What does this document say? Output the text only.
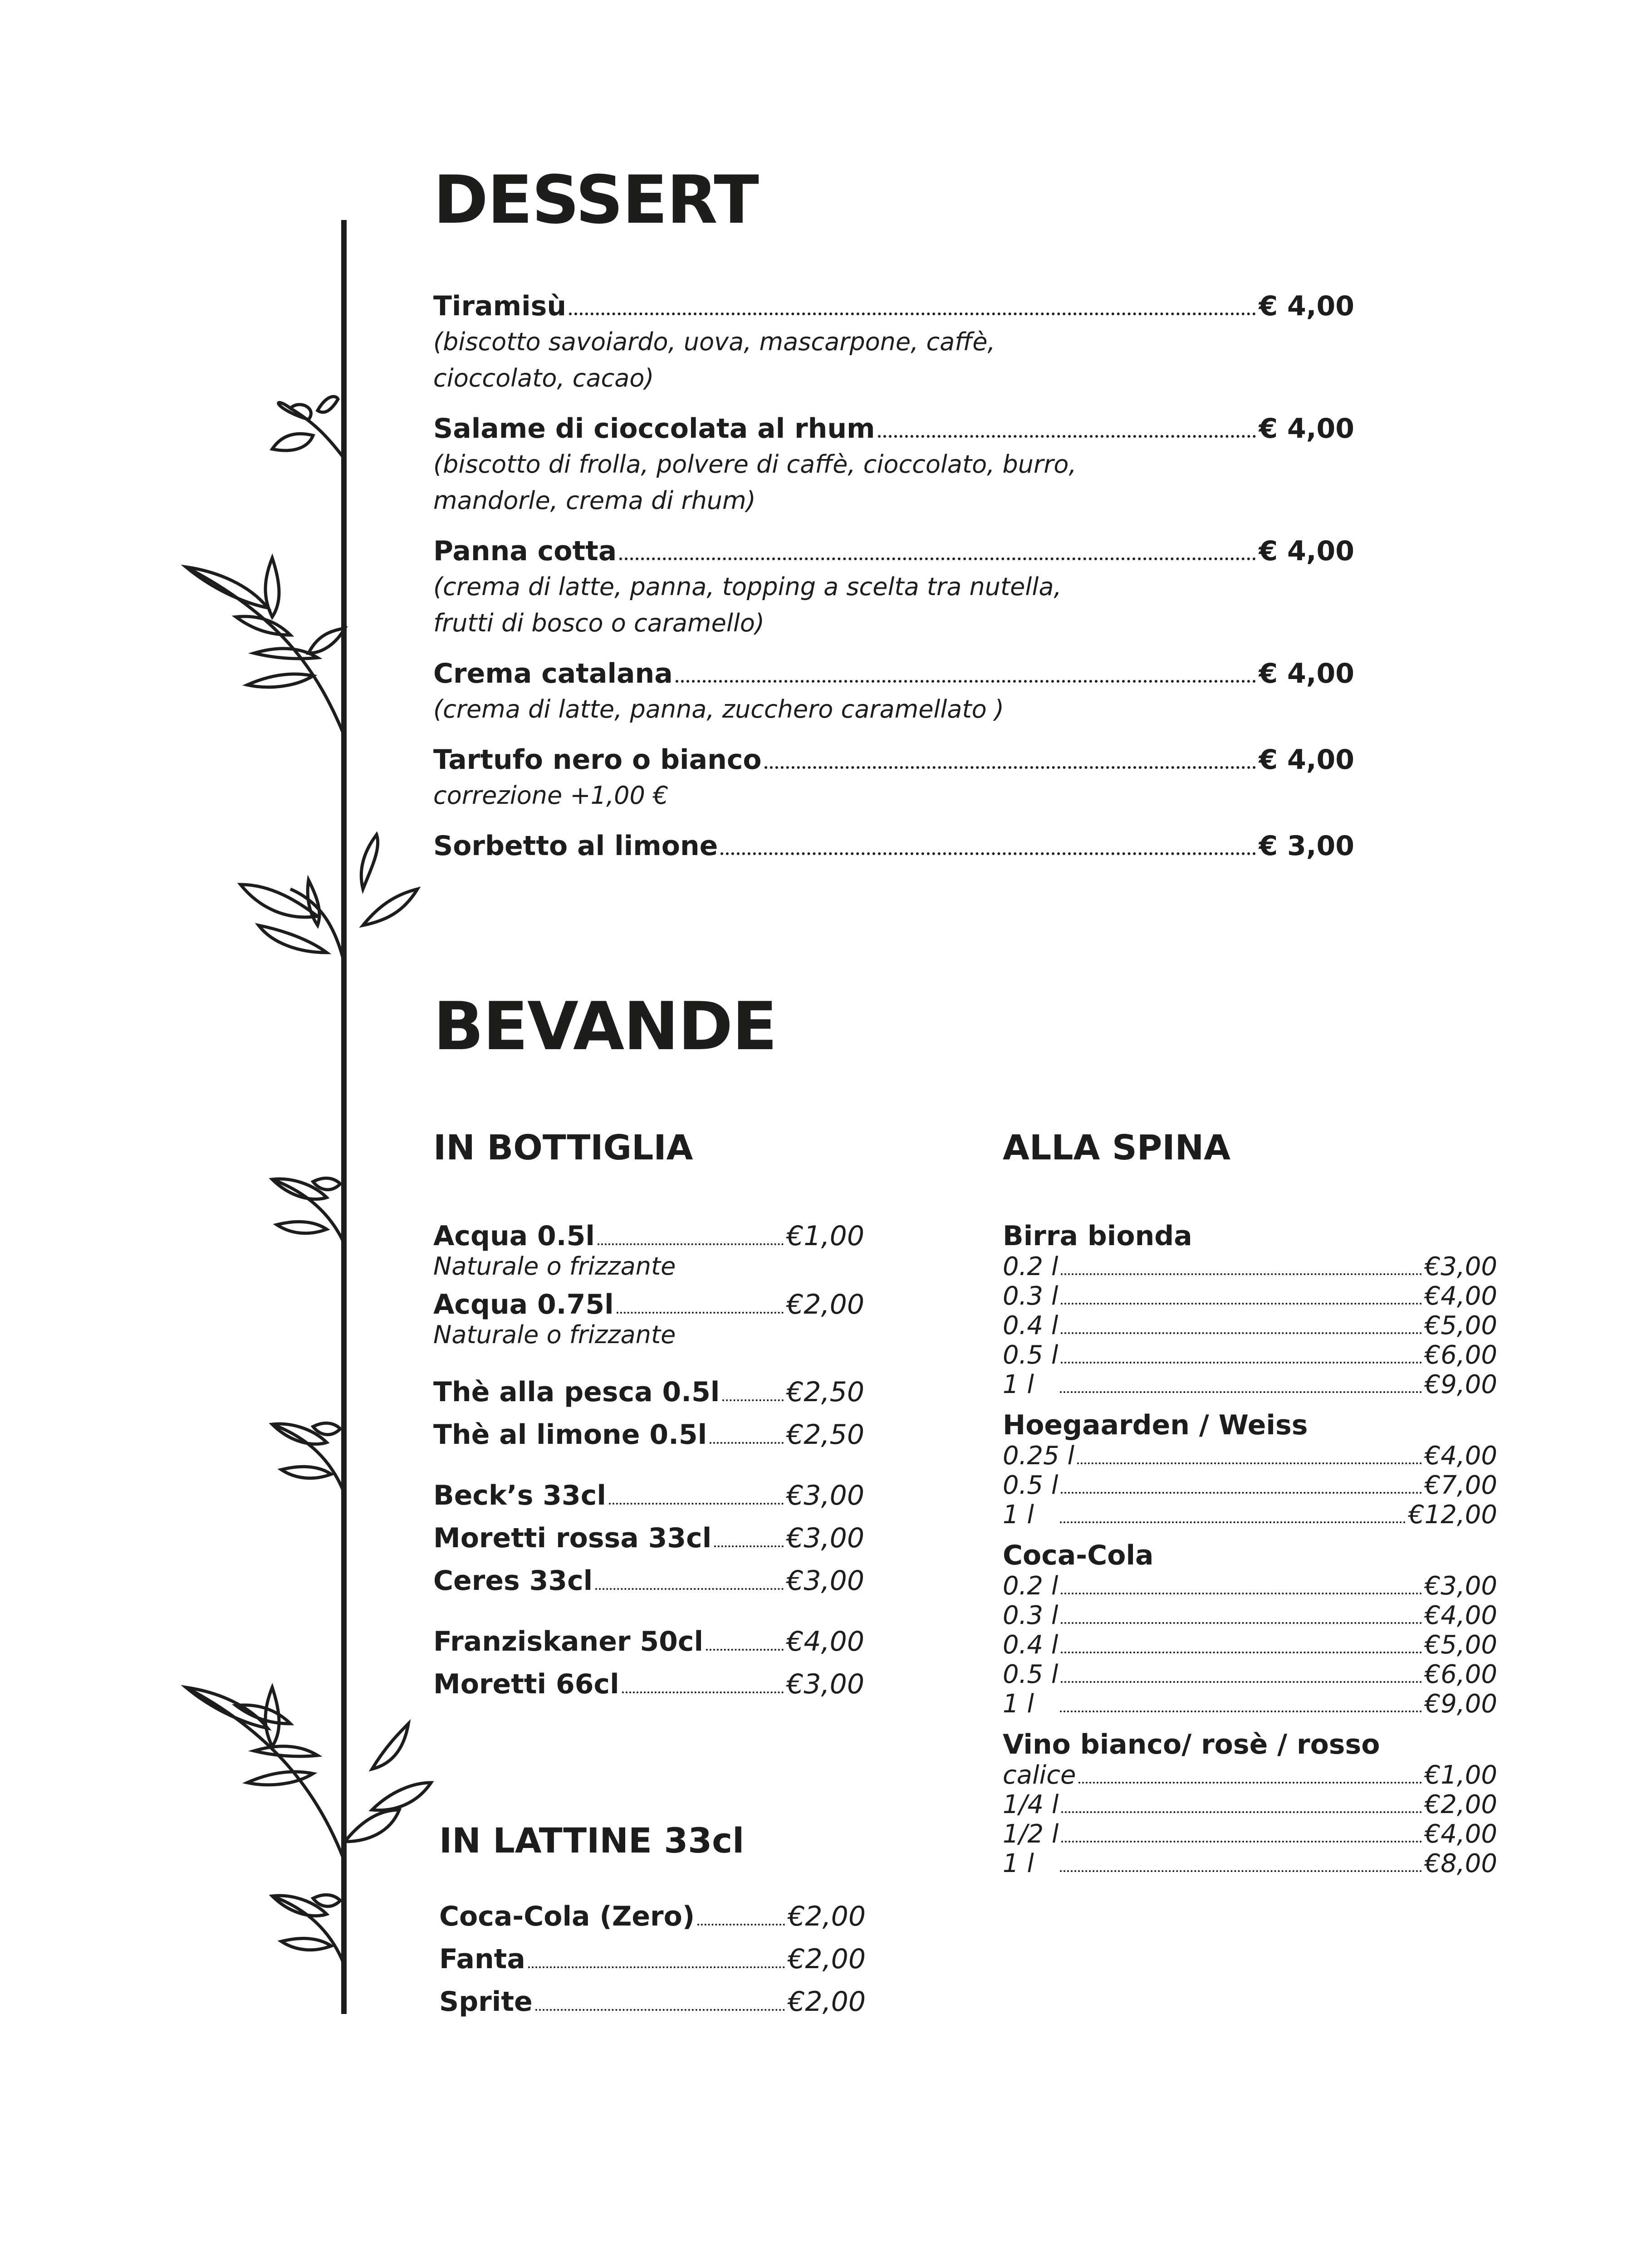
DESSERT
Tiramisù	€ 4,00
(biscotto savoiardo, uova, mascarpone, caffè,
cioccolato, cacao)
Salame di cioccolata al rhum	€ 4,00
(biscotto di frolla, polvere di caffè, cioccolato, burro,
mandorle, crema di rhum)
Panna cotta	€ 4,00
(crema di latte, panna, topping a scelta tra nutella,
frutti di bosco o caramello)
Crema catalana	€ 4,00
(crema di latte, panna, zucchero caramellato )
Tartufo nero o bianco	€ 4,00
correzione +1,00 €
Sorbetto al limone	€ 3,00
BEVANDE
IN BOTTIGLIA
Acqua 0.5l	€1,00
Naturale o frizzante
Acqua 0.75l	€2,00
Naturale o frizzante
Thè alla pesca 0.5l €2,50
Thè al limone 0.5l	€2,50
Beck’s 33cl	€3,00
Moretti rossa 33cl	€3,00
Ceres 33cl	€3,00
Franziskaner 50cl	€4,00
Moretti 66cl	€3,00
IN LATTINE 33cl
Coca-Cola (Zero)	€2,00
Fanta	€2,00
Sprite	€2,00
ALLA SPINA
Birra bionda
0.2 l	€3,00
0.3 l	€4,00
0.4 l	€5,00
0.5 l	€6,00
1 l	€9,00
Hoegaarden / Weiss
0.25 l	€4,00
0.5 l	€7,00
1 l	€12,00
Coca-Cola
0.2 l	€3,00
0.3 l	€4,00
0.4 l	€5,00
0.5 l	€6,00
1 l	€9,00
Vino bianco/ rosè / rosso
calice	€1,00
1/4 l	€2,00
1/2 l	€4,00
1 l	€8,00
